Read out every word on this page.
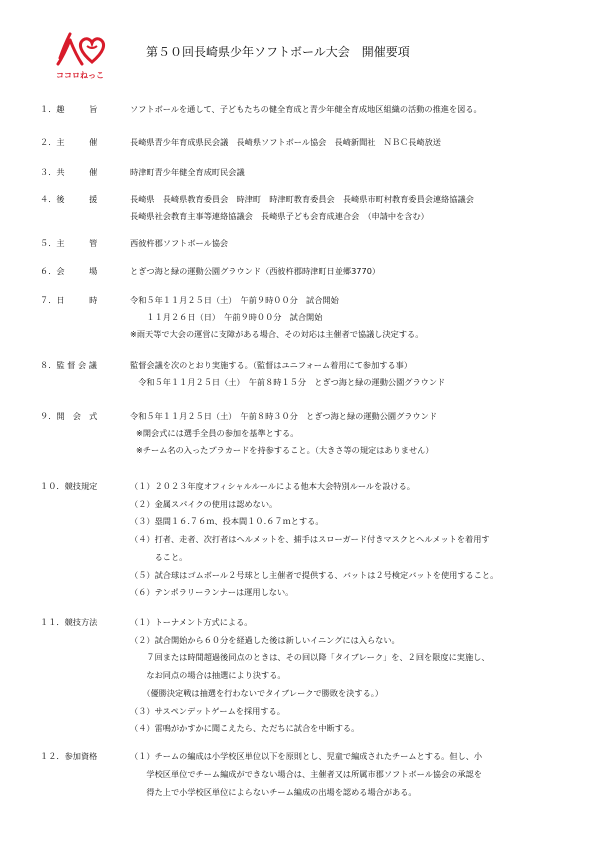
ココロねっこ
第５０回長崎県少年ソフトボール大会　開催要項
１．趣　　　旨	ソフトボールを通して、子どもたちの健全育成と青少年健全育成地区組織の活動の推進を図る。
２．主　　　催	長崎県青少年育成県民会議　長崎県ソフトボール協会　長崎新聞社　ＮＢＣ長崎放送
３．共　　　催	時津町青少年健全育成町民会議
４．後　　　援	長崎県　長崎県教育委員会　時津町　時津町教育委員会　長崎県市町村教育委員会連絡協議会
長崎県社会教育主事等連絡協議会　長崎県子ども会育成連合会　（申請中を含む）
５．主　　　管	西彼杵郡ソフトボール協会
６．会　　　場	とぎつ海と緑の運動公園グラウンド（西彼杵郡時津町日並郷3770）
７．日　　　時	令和５年１１月２５日（土）　午前９時００分　試合開始
　　１１月２６日（日）　午前９時００分　試合開始
※雨天等で大会の運営に支障がある場合、その対応は主催者で協議し決定する。
８．監 督 会 議	監督会議を次のとおり実施する。（監督はユニフォーム着用にて参加する事）
　令和５年１１月２５日（土）　午前８時１５分　とぎつ海と緑の運動公園グラウンド
９．開　会　式	令和５年１１月２５日（土）　午前８時３０分　とぎつ海と緑の運動公園グラウンド
※開会式には選手全員の参加を基準とする。
※チーム名の入ったプラカードを持参すること。（大きさ等の規定はありません）
１０．競技規定	（１）２０２３年度オフィシャルルールによる他本大会特別ルールを設ける。
（２）金属スパイクの使用は認めない。
（３）塁間１６.７６ｍ、投本間１０.６７ｍとする。
（４）打者、走者、次打者はヘルメットを、捕手はスローガード付きマスクとヘルメットを着用す
　　　ること。
（５）試合球はゴムボール２号球とし主催者で提供する、バットは２号検定バットを使用すること。
（６）テンポラリーランナーは運用しない。
１１．競技方法	（１）トーナメント方式による。
（２）試合開始から６０分を経過した後は新しいイニングには入らない。
　　７回または時間超過後同点のときは、その回以降「タイブレーク」を、２回を限度に実施し、
　　なお同点の場合は抽選により決する。
　　（優勝決定戦は抽選を行わないでタイブレークで勝敗を決する。）
（３）サスペンデットゲームを採用する。
（４）雷鳴がかすかに聞こえたら、ただちに試合を中断する。
１２．参加資格	（１）チームの編成は小学校区単位以下を原則とし、児童で編成されたチームとする。但し、小
　　学校区単位でチーム編成ができない場合は、主催者又は所属市郡ソフトボール協会の承認を
　　得た上で小学校区単位によらないチーム編成の出場を認める場合がある。
